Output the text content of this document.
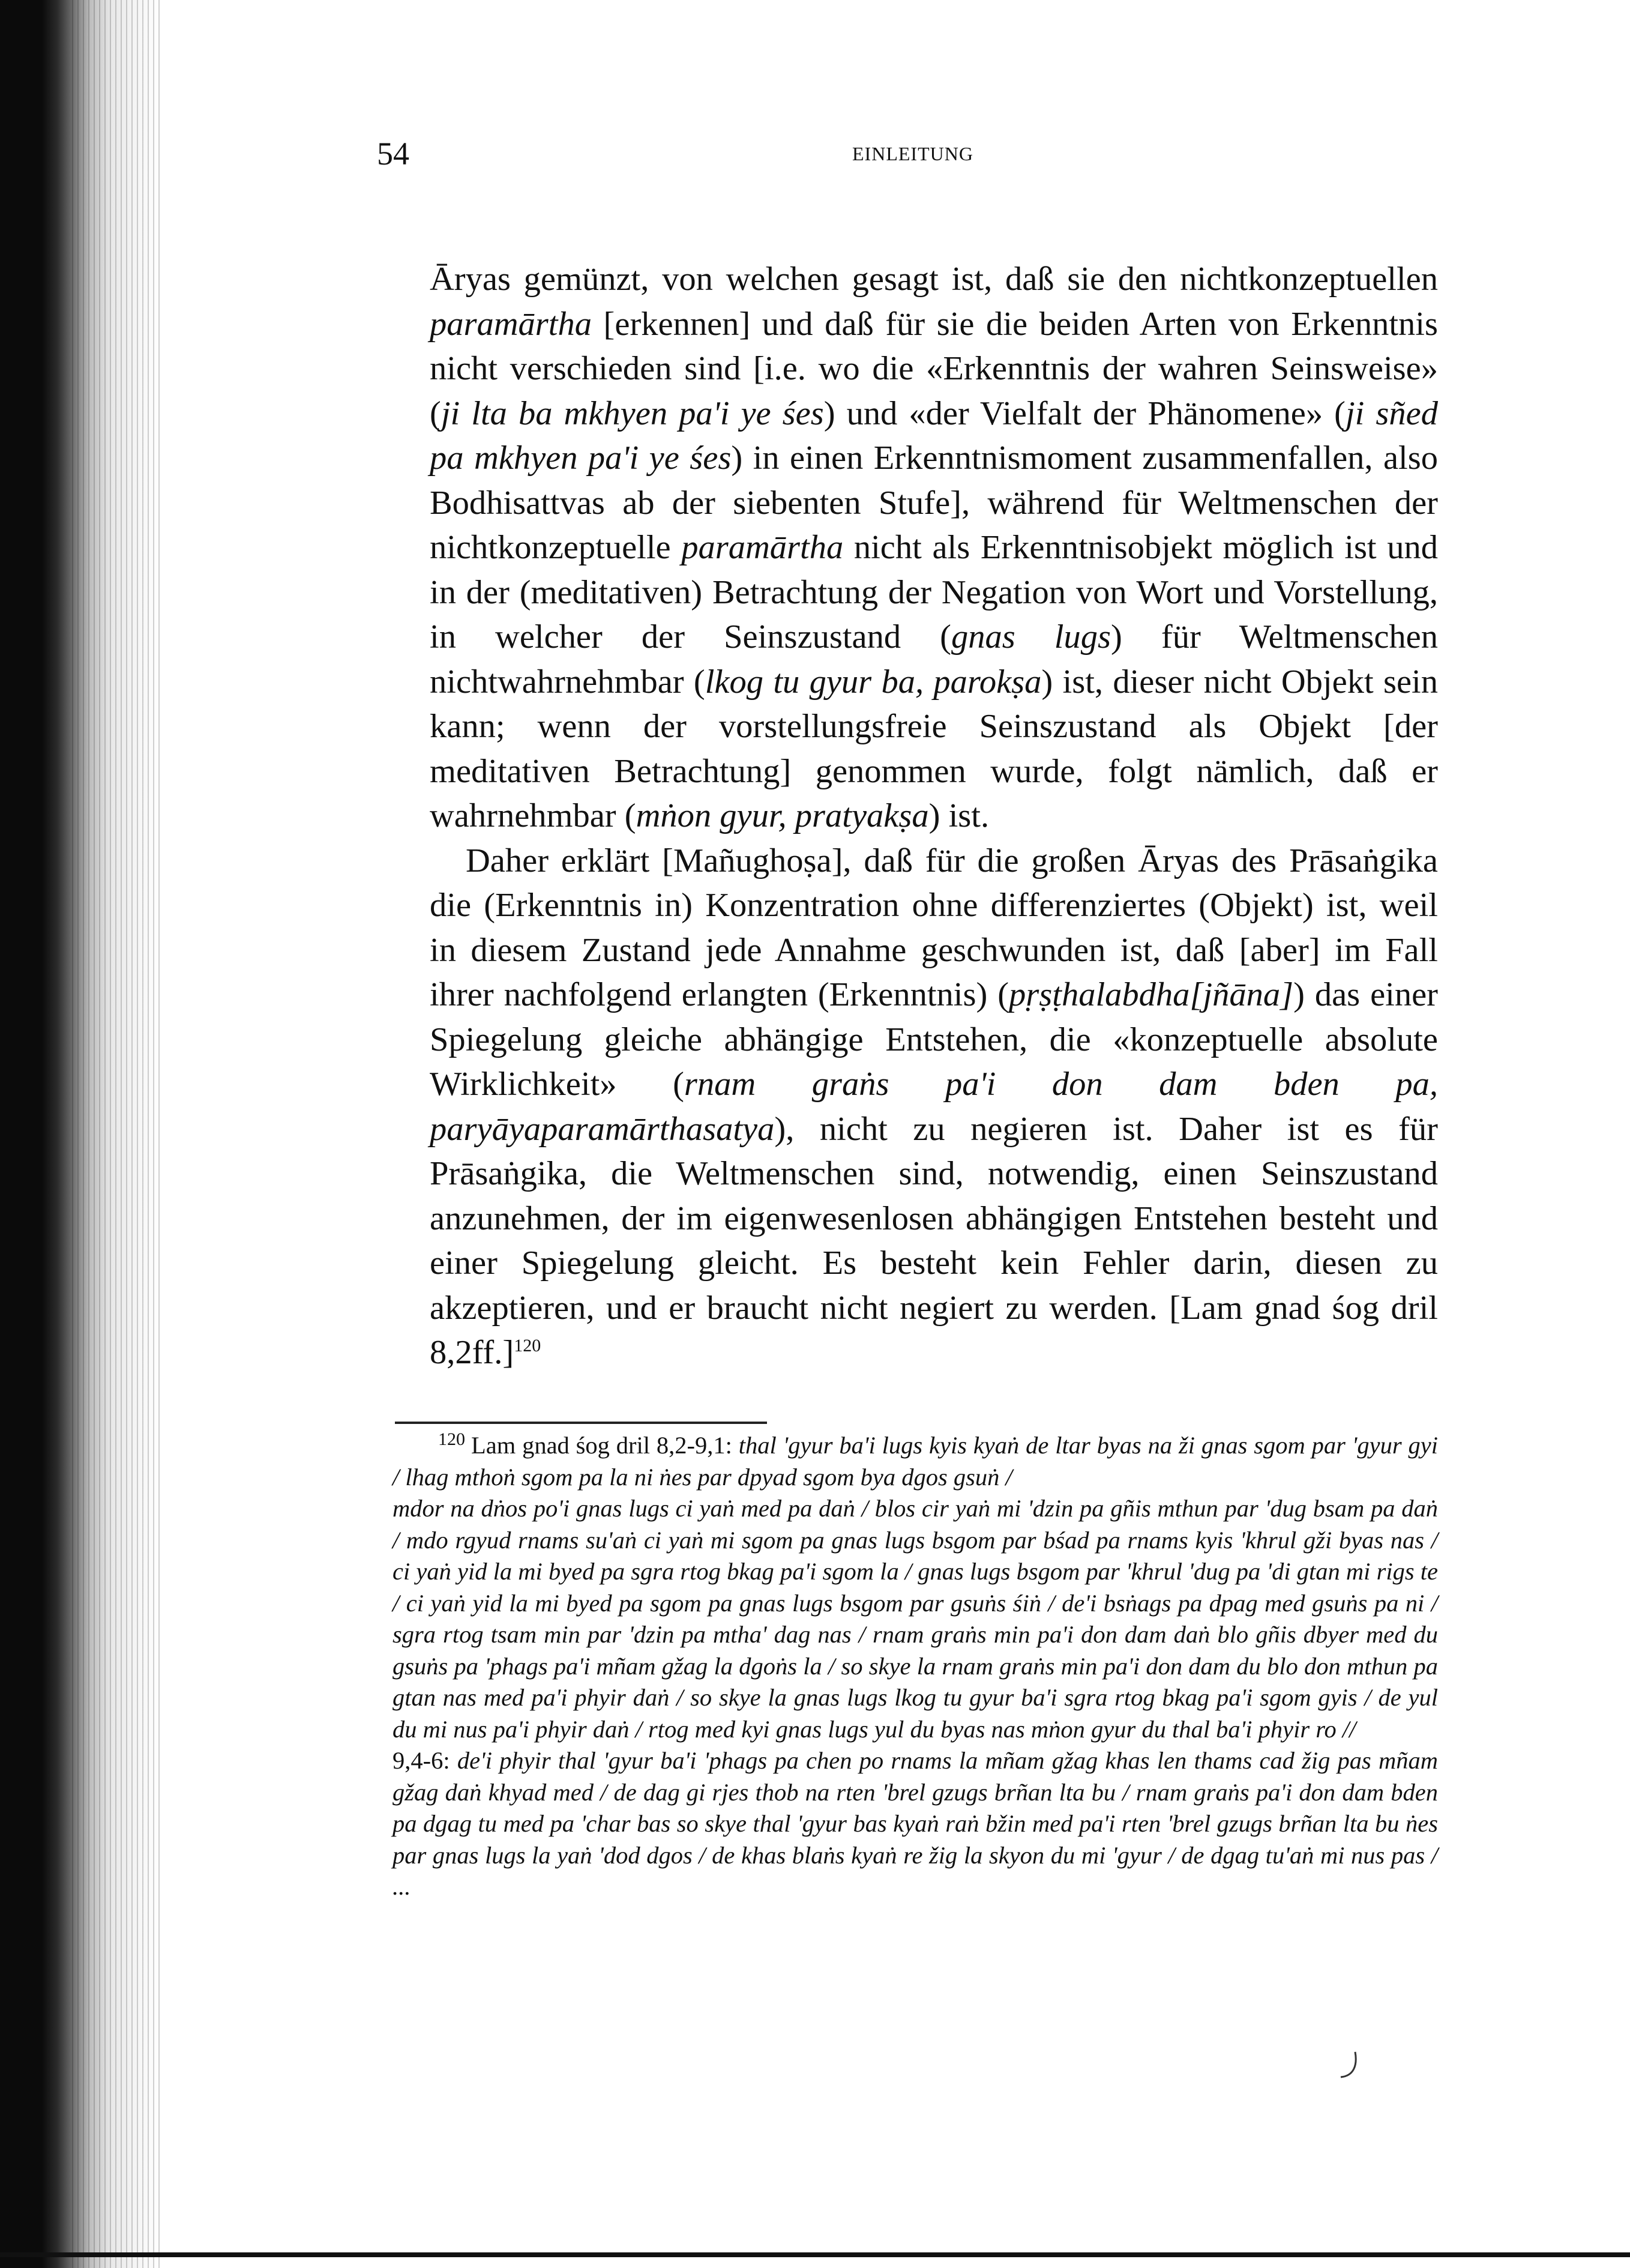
54	EINLEITUNG

Āryas gemünzt, von welchen gesagt ist, daß sie den nichtkonzeptuellen paramārtha [erkennen] und daß für sie die beiden Arten von Erkenntnis nicht verschieden sind [i.e. wo die «Erkenntnis der wahren Seinsweise» (ji lta ba mkhyen pa'i ye śes) und «der Vielfalt der Phänomene» (ji sñed pa mkhyen pa'i ye śes) in einen Erkenntnismoment zusammenfallen, also Bodhisattvas ab der siebenten Stufe], während für Weltmenschen der nichtkonzeptuelle paramārtha nicht als Erkenntnisobjekt möglich ist und in der (meditativen) Betrachtung der Negation von Wort und Vorstellung, in welcher der Seinszustand (gnas lugs) für Weltmenschen nichtwahrnehmbar (lkog tu gyur ba, parokṣa) ist, dieser nicht Objekt sein kann; wenn der vorstellungsfreie Seinszustand als Objekt [der meditativen Betrachtung] genommen wurde, folgt nämlich, daß er wahrnehmbar (mṅon gyur, pratyakṣa) ist.

Daher erklärt [Mañughoṣa], daß für die großen Āryas des Prāsaṅgika die (Erkenntnis in) Konzentration ohne differenziertes (Objekt) ist, weil in diesem Zustand jede Annahme geschwunden ist, daß [aber] im Fall ihrer nachfolgend erlangten (Erkenntnis) (pṛṣṭhalabdha[jñāna]) das einer Spiegelung gleiche abhängige Entstehen, die «konzeptuelle absolute Wirklichkeit» (rnam graṅs pa'i don dam bden pa, paryāyaparamārthasatya), nicht zu negieren ist. Daher ist es für Prāsaṅgika, die Weltmenschen sind, notwendig, einen Seinszustand anzunehmen, der im eigenwesenlosen abhängigen Entstehen besteht und einer Spiegelung gleicht. Es besteht kein Fehler darin, diesen zu akzeptieren, und er braucht nicht negiert zu werden. [Lam gnad śog dril 8,2ff.]$^{120}$

$^{120}$ Lam gnad śog dril 8,2-9,1: thal 'gyur ba'i lugs kyis kyaṅ de ltar byas na ži gnas sgom par 'gyur gyi / lhag mthoṅ sgom pa la ni ṅes par dpyad sgom bya dgos gsuṅ /

mdor na dṅos po'i gnas lugs ci yaṅ med pa daṅ / blos cir yaṅ mi 'dzin pa gñis mthun par 'dug bsam pa daṅ / mdo rgyud rnams su'aṅ ci yaṅ mi sgom pa gnas lugs bsgom par bśad pa rnams kyis 'khrul gži byas nas / ci yaṅ yid la mi byed pa sgra rtog bkag pa'i sgom la / gnas lugs bsgom par 'khrul 'dug pa 'di gtan mi rigs te / ci yaṅ yid la mi byed pa sgom pa gnas lugs bsgom par gsuṅs śiṅ / de'i bsṅags pa dpag med gsuṅs pa ni / sgra rtog tsam min par 'dzin pa mtha' dag nas / rnam graṅs min pa'i don dam daṅ blo gñis dbyer med du gsuṅs pa 'phags pa'i mñam gžag la dgoṅs la / so skye la rnam graṅs min pa'i don dam du blo don mthun pa gtan nas med pa'i phyir daṅ / so skye la gnas lugs lkog tu gyur ba'i sgra rtog bkag pa'i sgom gyis / de yul du mi nus pa'i phyir daṅ / rtog med kyi gnas lugs yul du byas nas mṅon gyur du thal ba'i phyir ro //

9,4-6: de'i phyir thal 'gyur ba'i 'phags pa chen po rnams la mñam gžag khas len thams cad žig pas mñam gžag daṅ khyad med / de dag gi rjes thob na rten 'brel gzugs brñan lta bu / rnam graṅs pa'i don dam bden pa dgag tu med pa 'char bas so skye thal 'gyur bas kyaṅ raṅ bžin med pa'i rten 'brel gzugs brñan lta bu ṅes par gnas lugs la yaṅ 'dod dgos / de khas blaṅs kyaṅ re žig la skyon du mi 'gyur / de dgag tu'aṅ mi nus pas / ...
